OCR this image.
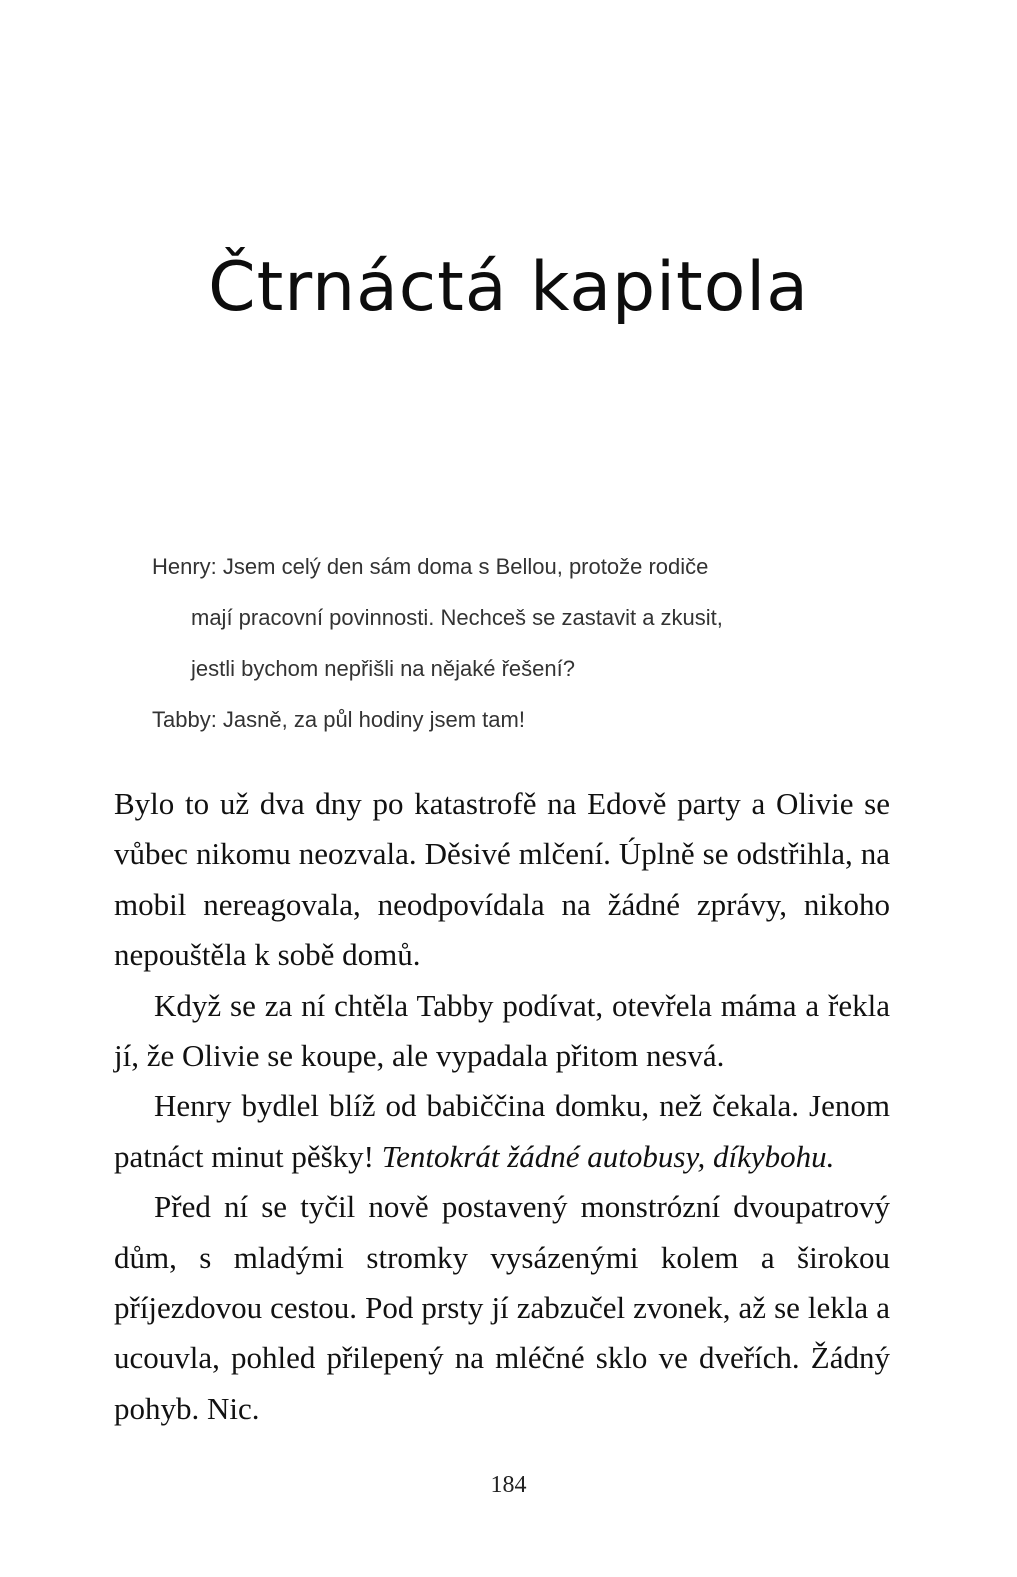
Čtrnáctá kapitola
Henry: Jsem celý den sám doma s Bellou, protože rodiče
mají pracovní povinnosti. Nechceš se zastavit a zkusit,
jestli bychom nepřišli na nějaké řešení?
Tabby: Jasně, za půl hodiny jsem tam!

Bylo to už dva dny po katastrofě na Edově party a Olivie se vůbec nikomu neozvala. Děsivé mlčení. Úplně se odstřihla, na mobil nereagovala, neodpovídala na žádné zprávy, nikoho nepouštěla k sobě domů.

Když se za ní chtěla Tabby podívat, otevřela máma a řekla jí, že Olivie se koupe, ale vypadala přitom nesvá.

Henry bydlel blíž od babiččina domku, než čekala. Jenom patnáct minut pěšky! Tentokrát žádné autobusy, díkybohu.

Před ní se tyčil nově postavený monstrózní dvoupatrový dům, s mladými stromky vysázenými kolem a širokou příjezdovou cestou. Pod prsty jí zabzučel zvonek, až se lekla a ucouvla, pohled přilepený na mléčné sklo ve dveřích. Žádný pohyb. Nic.

184
